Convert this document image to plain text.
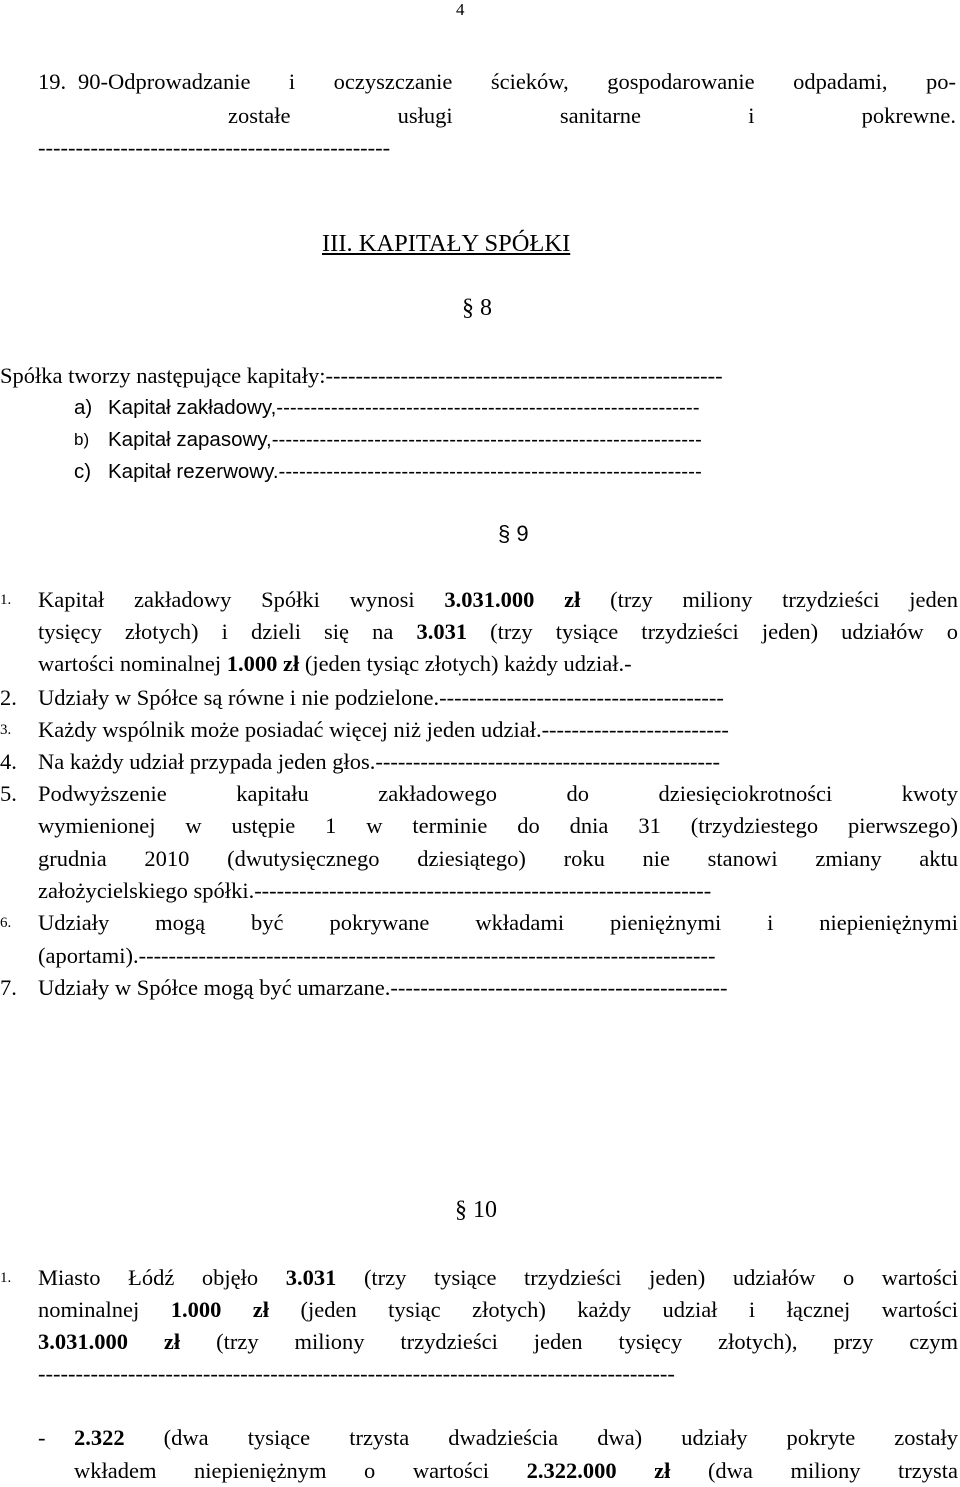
4
19. 90-Odprowadzanie i oczyszczanie ścieków, gospodarowanie odpadami, po-
zostałe usługi sanitarne i pokrewne.
-----------------------------------------------
III. KAPITAŁY SPÓŁKI
§ 8
Spółka tworzy następujące kapitały:-----------------------------------------------------
a) Kapitał zakładowy,--------------------------------------------------------------
b) Kapitał zapasowy,---------------------------------------------------------------
c) Kapitał rezerwowy.--------------------------------------------------------------
§ 9
1. Kapitał zakładowy Spółki wynosi 3.031.000 zł (trzy miliony trzydzieści jeden
tysięcy złotych) i dzieli się na 3.031 (trzy tysiące trzydzieści jeden) udziałów o
wartości nominalnej 1.000 zł (jeden tysiąc złotych) każdy udział.-
2. Udziały w Spółce są równe i nie podzielone.--------------------------------------
3. Każdy wspólnik może posiadać więcej niż jeden udział.-------------------------
4. Na każdy udział przypada jeden głos.----------------------------------------------
5. Podwyższenie kapitału zakładowego do dziesięciokrotności kwoty
wymienionej w ustępie 1 w terminie do dnia 31 (trzydziestego pierwszego)
grudnia 2010 (dwutysięcznego dziesiątego) roku nie stanowi zmiany aktu
założycielskiego spółki.-------------------------------------------------------------
6. Udziały mogą być pokrywane wkładami pieniężnymi i niepieniężnymi
(aportami).-----------------------------------------------------------------------------
7. Udziały w Spółce mogą być umarzane.---------------------------------------------
§ 10
1. Miasto Łódź objęło 3.031 (trzy tysiące trzydzieści jeden) udziałów o wartości
nominalnej 1.000 zł (jeden tysiąc złotych) każdy udział i łącznej wartości
3.031.000 zł (trzy miliony trzydzieści jeden tysięcy złotych), przy czym
-------------------------------------------------------------------------------------
- 2.322 (dwa tysiące trzysta dwadzieścia dwa) udziały pokryte zostały
wkładem niepieniężnym o wartości 2.322.000 zł (dwa miliony trzysta
